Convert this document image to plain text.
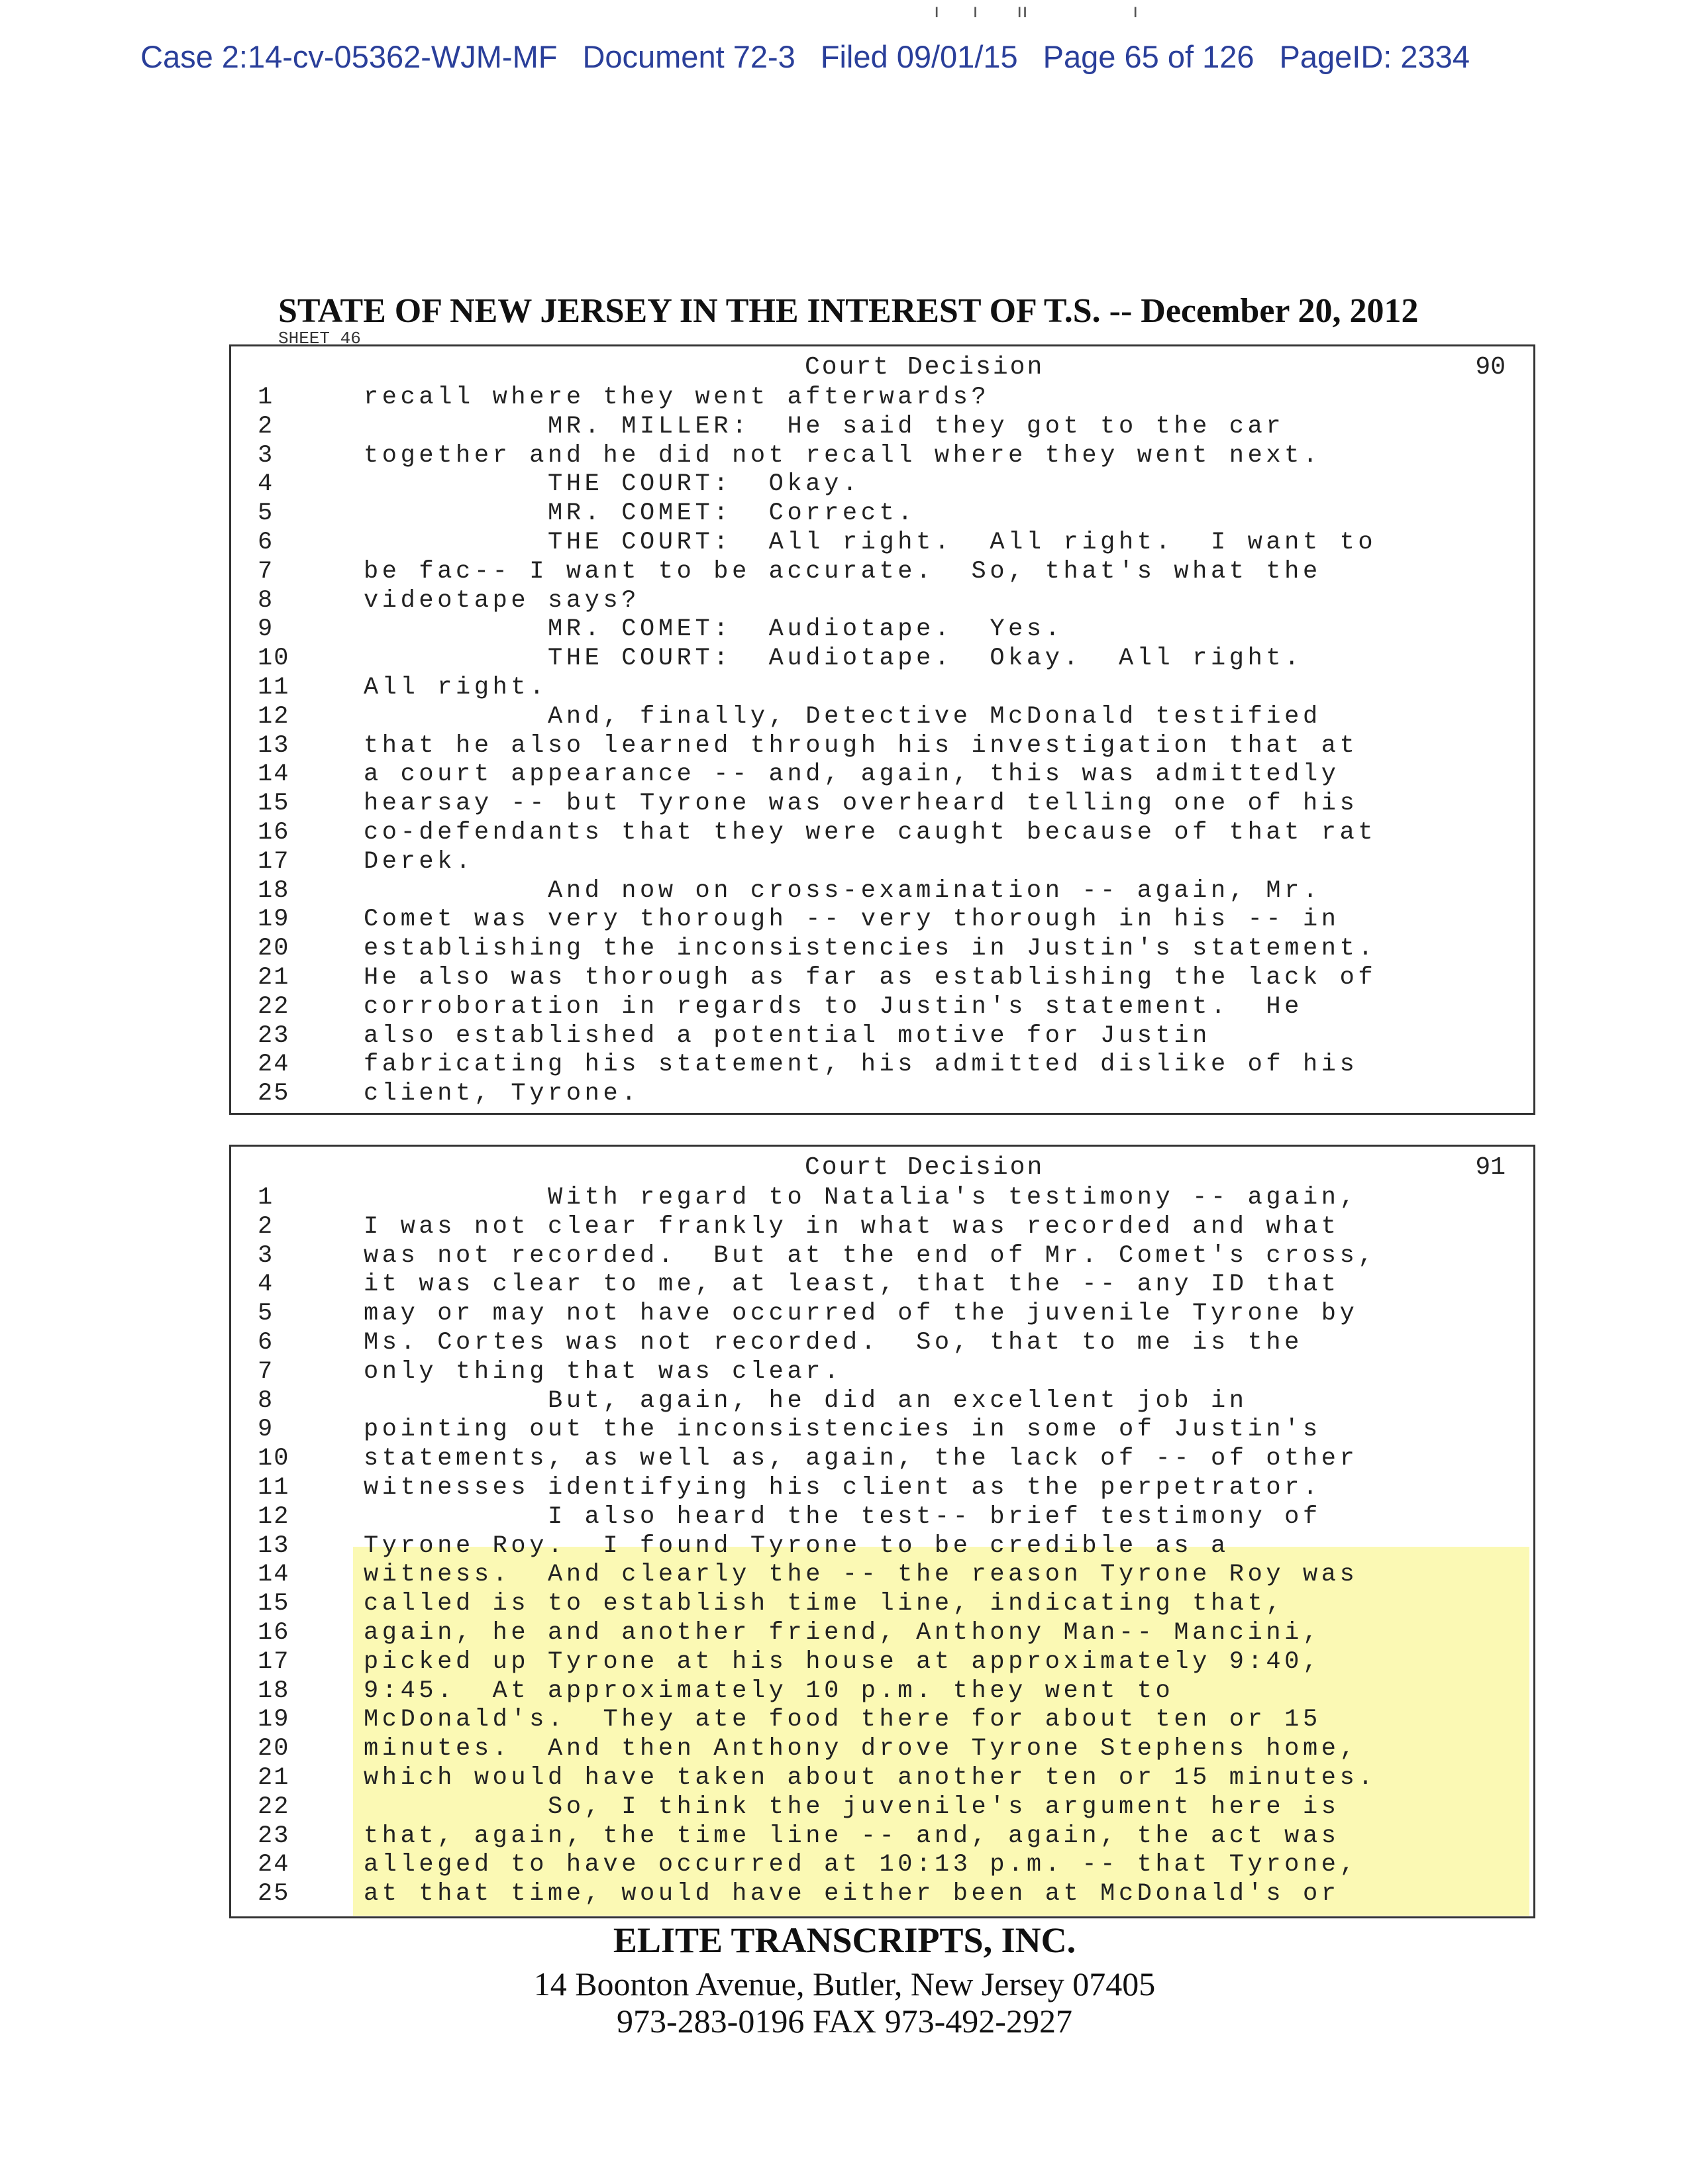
Case 2:14-cv-05362-WJM-MF Document 72-3 Filed 09/01/15 Page 65 of 126 PageID: 2334
ı      ı       ıı                   ı
STATE OF NEW JERSEY IN THE INTEREST OF T.S. -- December 20, 2012
SHEET 46
Court Decision	90
1	recall where they went afterwards?
2	MR. MILLER:  He said they got to the car
3	together and he did not recall where they went next.
4	THE COURT:  Okay.
5	MR. COMET:  Correct.
6	THE COURT:  All right.  All right.  I want to
7	be fac-- I want to be accurate.  So, that's what the
8	videotape says?
9	MR. COMET:  Audiotape.  Yes.
10	THE COURT:  Audiotape.  Okay.  All right.
11	All right.
12	And, finally, Detective McDonald testified
13	that he also learned through his investigation that at
14	a court appearance -- and, again, this was admittedly
15	hearsay -- but Tyrone was overheard telling one of his
16	co-defendants that they were caught because of that rat
17	Derek.
18	And now on cross-examination -- again, Mr.
19	Comet was very thorough -- very thorough in his -- in
20	establishing the inconsistencies in Justin's statement.
21	He also was thorough as far as establishing the lack of
22	corroboration in regards to Justin's statement.  He
23	also established a potential motive for Justin
24	fabricating his statement, his admitted dislike of his
25	client, Tyrone.
Court Decision	91
1	With regard to Natalia's testimony -- again,
2	I was not clear frankly in what was recorded and what
3	was not recorded.  But at the end of Mr. Comet's cross,
4	it was clear to me, at least, that the -- any ID that
5	may or may not have occurred of the juvenile Tyrone by
6	Ms. Cortes was not recorded.  So, that to me is the
7	only thing that was clear.
8	But, again, he did an excellent job in
9	pointing out the inconsistencies in some of Justin's
10	statements, as well as, again, the lack of -- of other
11	witnesses identifying his client as the perpetrator.
12	I also heard the test-- brief testimony of
13	Tyrone Roy.  I found Tyrone to be credible as a
14	witness.  And clearly the -- the reason Tyrone Roy was
15	called is to establish time line, indicating that,
16	again, he and another friend, Anthony Man-- Mancini,
17	picked up Tyrone at his house at approximately 9:40,
18	9:45.  At approximately 10 p.m. they went to
19	McDonald's.  They ate food there for about ten or 15
20	minutes.  And then Anthony drove Tyrone Stephens home,
21	which would have taken about another ten or 15 minutes.
22	So, I think the juvenile's argument here is
23	that, again, the time line -- and, again, the act was
24	alleged to have occurred at 10:13 p.m. -- that Tyrone,
25	at that time, would have either been at McDonald's or
ELITE TRANSCRIPTS, INC.
14 Boonton Avenue, Butler, New Jersey 07405
973-283-0196 FAX 973-492-2927
